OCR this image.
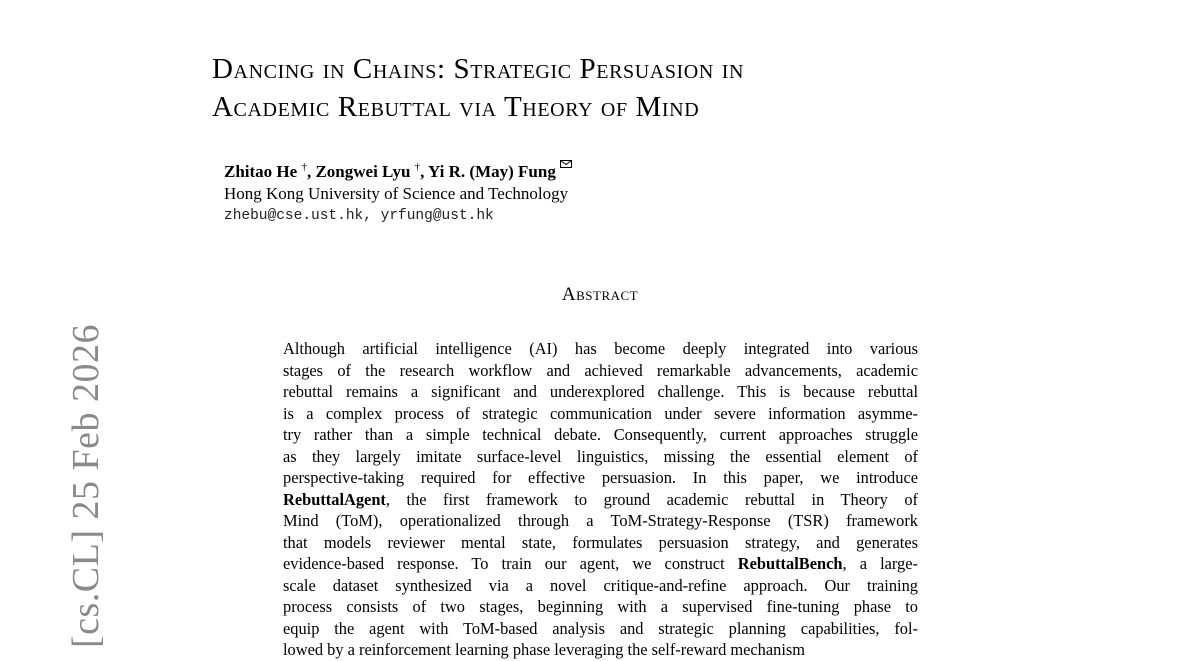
Dancing in Chains: Strategic Persuasion in
Academic Rebuttal via Theory of Mind
Zhitao He †, Zongwei Lyu †, Yi R. (May) Fung
Hong Kong University of Science and Technology
zhebu@cse.ust.hk, yrfung@ust.hk
Abstract
Although artificial intelligence (AI) has become deeply integrated into various
stages of the research workflow and achieved remarkable advancements, academic
rebuttal remains a significant and underexplored challenge. This is because rebuttal
is a complex process of strategic communication under severe information asymme-
try rather than a simple technical debate. Consequently, current approaches struggle
as they largely imitate surface-level linguistics, missing the essential element of
perspective-taking required for effective persuasion. In this paper, we introduce
RebuttalAgent, the first framework to ground academic rebuttal in Theory of
Mind (ToM), operationalized through a ToM-Strategy-Response (TSR) framework
that models reviewer mental state, formulates persuasion strategy, and generates
evidence-based response. To train our agent, we construct RebuttalBench, a large-
scale dataset synthesized via a novel critique-and-refine approach. Our training
process consists of two stages, beginning with a supervised fine-tuning phase to
equip the agent with ToM-based analysis and strategic planning capabilities, fol-
lowed by a reinforcement learning phase leveraging the self-reward mechanism
[cs.CL] 25 Feb 2026
